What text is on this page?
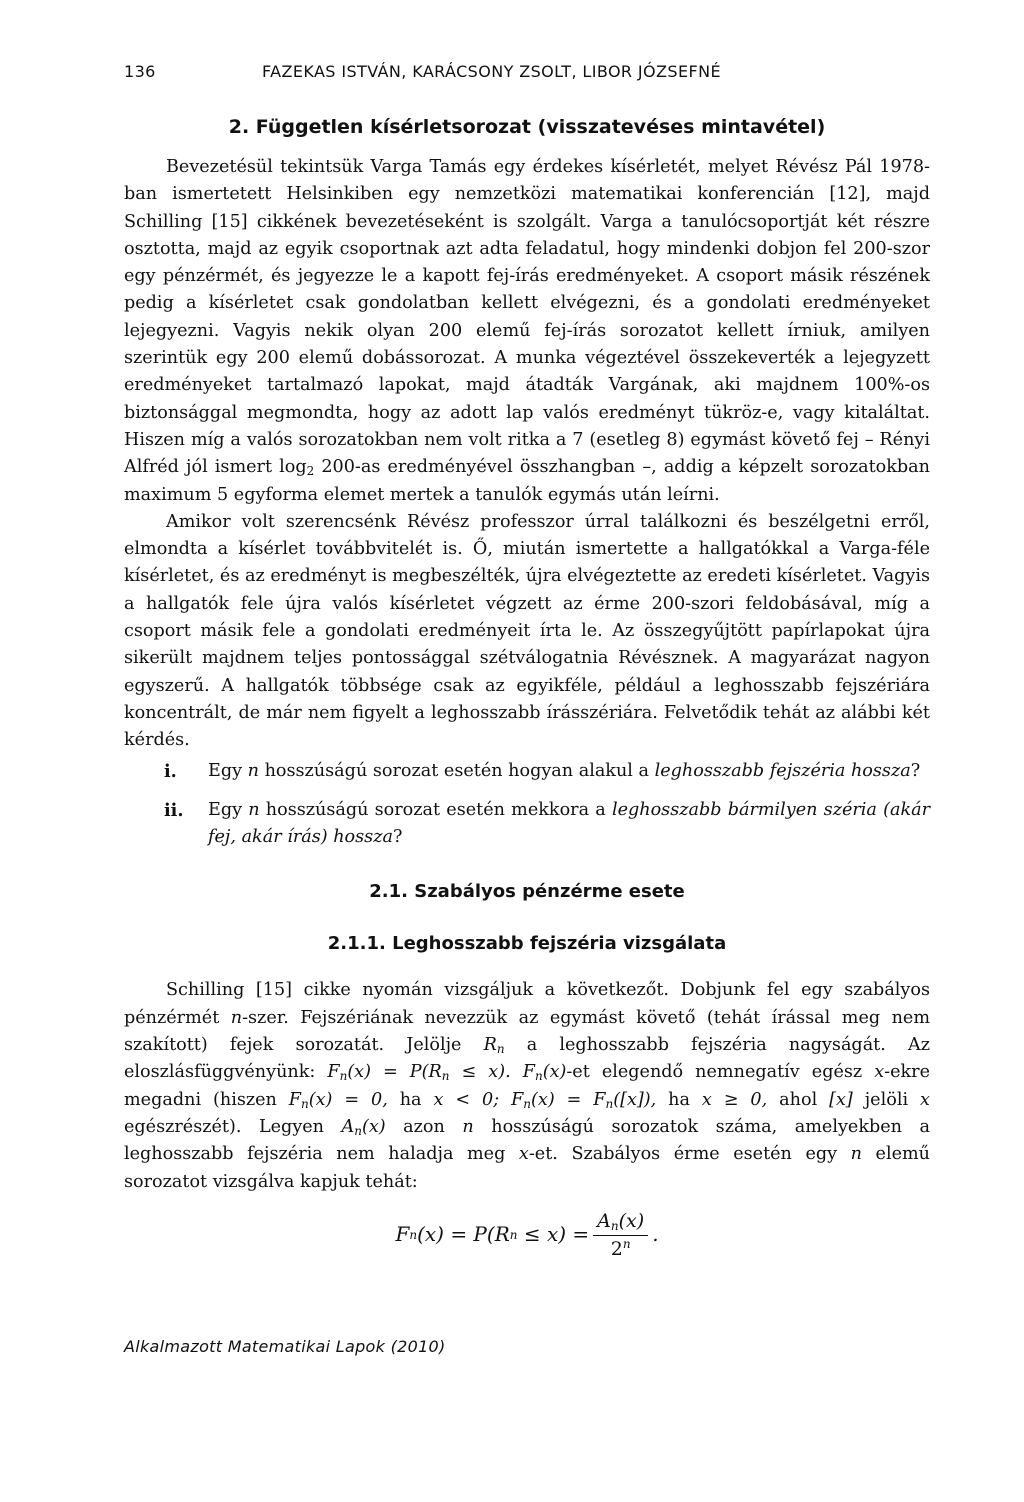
136	FAZEKAS ISTVÁN, KARÁCSONY ZSOLT, LIBOR JÓZSEFNÉ
2. Független kísérletsorozat (visszatevéses mintavétel)

Bevezetésül tekintsük Varga Tamás egy érdekes kísérletét, melyet Révész Pál 1978-ban ismertetett Helsinkiben egy nemzetközi matematikai konferencián [12], majd Schilling [15] cikkének bevezetéseként is szolgált. Varga a tanulócsoportját két részre osztotta, majd az egyik csoportnak azt adta feladatul, hogy mindenki dobjon fel 200-szor egy pénzérmét, és jegyezze le a kapott fej-írás eredményeket. A csoport másik részének pedig a kísérletet csak gondolatban kellett elvégezni, és a gondolati eredményeket lejegyezni. Vagyis nekik olyan 200 elemű fej-írás sorozatot kellett írniuk, amilyen szerintük egy 200 elemű dobássorozat. A munka végeztével összekeverték a lejegyzett eredményeket tartalmazó lapokat, majd átadták Vargának, aki majdnem 100%-os biztonsággal megmondta, hogy az adott lap valós eredményt tükröz-e, vagy kitaláltat. Hiszen míg a valós sorozatokban nem volt ritka a 7 (esetleg 8) egymást követő fej – Rényi Alfréd jól ismert $\log_2 200-as$ eredményével összhangban –, addig a képzelt sorozatokban maximum 5 egyforma elemet mertek a tanulók egymás után leírni.

Amikor volt szerencsénk Révész professzor úrral találkozni és beszélgetni erről, elmondta a kísérlet továbbvitelét is. Ő, miután ismertette a hallgatókkal a Varga-féle kísérletet, és az eredményt is megbeszélték, újra elvégeztette az eredeti kísérletet. Vagyis a hallgatók fele újra valós kísérletet végzett az érme 200-szori feldobásával, míg a csoport másik fele a gondolati eredményeit írta le. Az összegyűjtött papírlapokat újra sikerült majdnem teljes pontossággal szétválogatnia Révésznek. A magyarázat nagyon egyszerű. A hallgatók többsége csak az egyikféle, például a leghosszabb fejszériára koncentrált, de már nem figyelt a leghosszabb írásszériára. Felvetődik tehát az alábbi két kérdés.

i.	Egy n hosszúságú sorozat esetén hogyan alakul a leghosszabb fejszéria hossza?
ii.	Egy n hosszúságú sorozat esetén mekkora a leghosszabb bármilyen széria (akár fej, akár írás) hossza?
2.1. Szabályos pénzérme esete
2.1.1. Leghosszabb fejszéria vizsgálata

Schilling [15] cikke nyomán vizsgáljuk a következőt. Dobjunk fel egy szabályos pénzérmét n-szer. Fejszériának nevezzük az egymást követő (tehát írással meg nem szakított) fejek sorozatát. Jelölje $R_n$ a leghosszabb fejszéria nagyságát. Az eloszlásfüggvényünk: $F_n(x) = P(R_n \le x)$. $F_n(x)-et$ elegendő nemnegatív egész x-ekre megadni (hiszen $F_n(x) = 0$, ha x < 0; $F_n(x) = F_n([x])$, ha x ≥ 0, ahol [x] jelöli x egészrészét). Legyen $A_n(x)$ azon n hosszúságú sorozatok száma, amelyekben a leghosszabb fejszéria nem haladja meg x-et. Szabályos érme esetén egy n elemű sorozatot vizsgálva kapjuk tehát:

F n (x) = P(R $n \le x) = \frac{A_n(x)}{2^n}$ .
Alkalmazott Matematikai Lapok (2010)
